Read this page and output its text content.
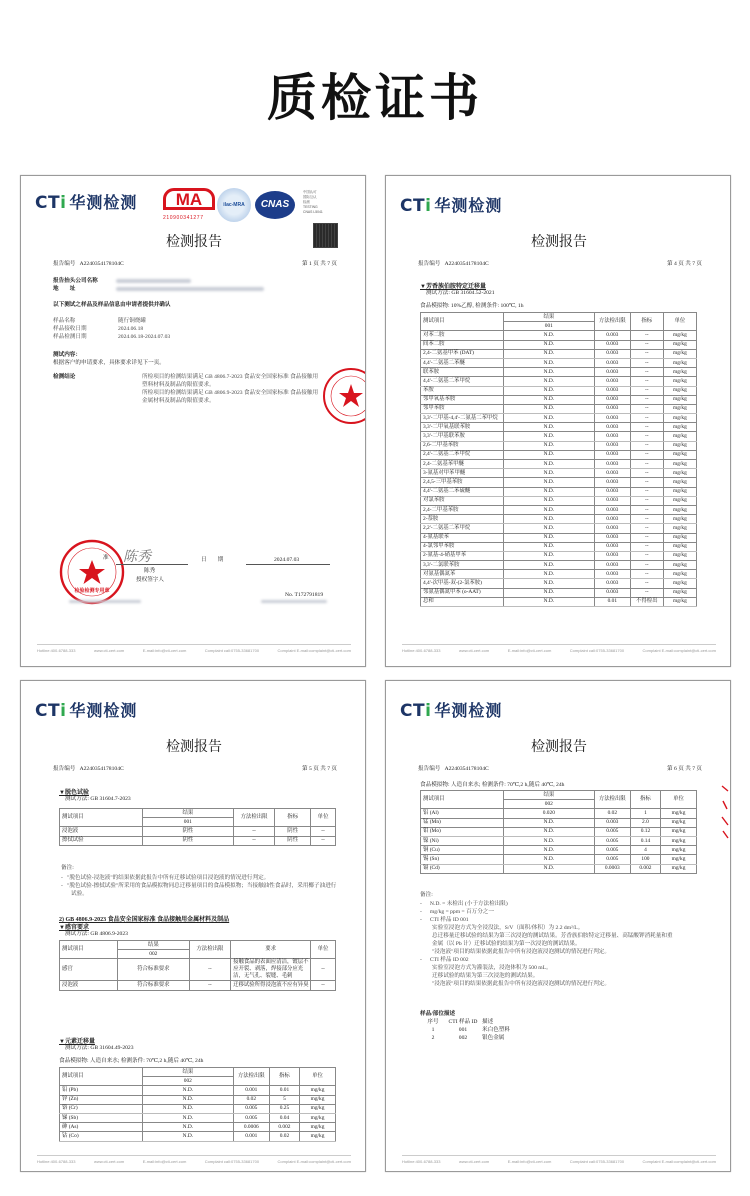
质检证书
CTi 华测检测	MA
210900341277
ilac-MRA	CNAS
中国认可
国际互认
检测
TESTING
CNAS L5041
检测报告
报告编号 A2240354178104C	第 1 页 共 7 页
报告抬头公司名称
地　　址
以下测试之样品及样品信息由申请者提供并确认
样品名称	随行铜烧罐
样品接收日期	2024.06.18
样品检测日期	2024.06.18-2024.07.03
测试内容：
根据客户的申请要求，具体要求详见下一页。
检测结论	所检项目的检测结果满足 GB 4806.7-2023 食品安全国家标准 食品接触用
塑料材料及制品的限值要求。
所检项目的检测结果满足 GB 4806.9-2023 食品安全国家标准 食品接触用
金属材料及制品的限值要求。
检验检测专用章
准 陈秀
陈秀
授权签字人
日　　期	2024.07.03
No. T172791819
Hotline:400-6788-333	www.cti-cert.com	E-mail:info@cti-cert.com	Complaint call:0755-33681700	Complaint E-mail:complaint@cti-cert.com
CTi 华测检测
检测报告
报告编号 A2240354178104C	第 4 页 共 7 页
▼芳香族伯胺特定迁移量
测试方法: GB 31604.52-2021
食品模拟物: 10%乙醇, 检测条件: 100℃, 1h
测试项目	结果	方法检出限	指标	单位
	001			
对苯二胺	N.D.	0.003	--	mg/kg
间苯二胺	N.D.	0.003	--	mg/kg
2,4-二氨基甲苯 (DAT)	N.D.	0.003	--	mg/kg
4,4'-二氨基二苯醚	N.D.	0.003	--	mg/kg
联苯胺	N.D.	0.003	--	mg/kg
4,4'-二氨基二苯甲烷	N.D.	0.003	--	mg/kg
苯胺	N.D.	0.003	--	mg/kg
邻甲氧基苯胺	N.D.	0.003	--	mg/kg
邻甲苯胺	N.D.	0.003	--	mg/kg
3,3'-二甲基-4,4'-二氨基二苯甲烷	N.D.	0.003	--	mg/kg
3,3'-二甲氧基联苯胺	N.D.	0.003	--	mg/kg
3,3'-二甲基联苯胺	N.D.	0.003	--	mg/kg
2,6-二甲基苯胺	N.D.	0.003	--	mg/kg
2,4'-二氨基二苯甲烷	N.D.	0.003	--	mg/kg
2,4-二氨基苯甲醚	N.D.	0.003	--	mg/kg
3-氨基对甲苯甲醚	N.D.	0.003	--	mg/kg
2,4,5-三甲基苯胺	N.D.	0.003	--	mg/kg
4,4'-二氨基二苯硫醚	N.D.	0.003	--	mg/kg
对氯苯胺	N.D.	0.003	--	mg/kg
2,4-二甲基苯胺	N.D.	0.003	--	mg/kg
2-萘胺	N.D.	0.003	--	mg/kg
2,2'-二氨基二苯甲烷	N.D.	0.003	--	mg/kg
4-氨基联苯	N.D.	0.003	--	mg/kg
4-氯邻甲苯胺	N.D.	0.003	--	mg/kg
2-氨基-4-硝基甲苯	N.D.	0.003	--	mg/kg
3,3'-二氯联苯胺	N.D.	0.003	--	mg/kg
对氨基偶氮苯	N.D.	0.003	--	mg/kg
4,4'-次甲基-双-(2-氯苯胺)	N.D.	0.003	--	mg/kg
邻氨基偶氮甲苯 (o-AAT)	N.D.	0.003	--	mg/kg
总和	N.D.	0.01	不得检出	mg/kg
Hotline:400-6788-333	www.cti-cert.com	E-mail:info@cti-cert.com	Complaint call:0755-33681700	Complaint E-mail:complaint@cti-cert.com
CTi 华测检测
检测报告
报告编号 A2240354178104C	第 5 页 共 7 页
▼脱色试验
测试方法: GB 31604.7-2023
测试项目	结果	方法检出限	指标	单位
	001			
浸泡液	阴性	--	阴性	--
擦拭试验	阴性	--	阴性	--
备注:
-   "脱色试验-浸泡液"的结果依据此报告中所有迁移试验项目浸泡液的情况进行判定。
-   "脱色试验-擦拭试验"所采用的食品模拟物同总迁移量项目的食品模拟物；当接触油性食品时，采用椰子油进行试验。
2) GB 4806.9-2023 食品安全国家标准 食品接触用金属材料及制品
▼感官要求
测试方法: GB 4806.9-2023
测试项目	结果	方法检出限	要求	单位
	002			
感官	符合标准要求	--	接触食品的表面应清洁，镀层不应开裂、剥落，焊接部分应光洁，无气孔、裂缝、毛刺	--
浸泡液	符合标准要求	--	迁移试验所得浸泡液不应有异臭	--
▼元素迁移量
测试方法: GB 31604.49-2023
食品模拟物: 人造自来水; 检测条件: 70℃,2 h,随后 40℃, 24h
测试项目	结果	方法检出限	指标	单位
	002			
铅 (Pb)	N.D.	0.001	0.01	mg/kg
锌 (Zn)	N.D.	0.02	5	mg/kg
铬 (Cr)	N.D.	0.005	0.25	mg/kg
锑 (Sb)	N.D.	0.005	0.04	mg/kg
砷 (As)	N.D.	0.0006	0.002	mg/kg
钴 (Co)	N.D.	0.001	0.02	mg/kg
Hotline:400-6788-333	www.cti-cert.com	E-mail:info@cti-cert.com	Complaint call:0755-33681700	Complaint E-mail:complaint@cti-cert.com
CTi 华测检测
检测报告
报告编号 A2240354178104C	第 6 页 共 7 页
食品模拟物: 人造自来水; 检测条件: 70℃,2 h,随后 40℃, 24h
测试项目	结果	方法检出限	指标	单位
	002			
铝 (Al)	0.020	0.02	1	mg/kg
锰 (Mn)	N.D.	0.003	2.0	mg/kg
钼 (Mo)	N.D.	0.005	0.12	mg/kg
镍 (Ni)	N.D.	0.005	0.14	mg/kg
铜 (Cu)	N.D.	0.005	4	mg/kg
锡 (Sn)	N.D.	0.005	100	mg/kg
镉 (Cd)	N.D.	0.0003	0.002	mg/kg
备注:
- N.D. = 未检出 (小于方法检出限)
- mg/kg = ppm = 百万分之一
- CTI 样品 ID 001
实验室浸泡方式为全浸没法，S/V（面积/体积）为 2.2 dm²/L。
总迁移量迁移试验的结果为第三次浸泡的测试结果。芳香族伯胺特定迁移量、高锰酸钾消耗量和重
金属（以 Pb 计）迁移试验的结果为第一次浸泡的测试结果。
"浸泡液"项目的结果依据此报告中所有浸泡液浸泡测试的情况进行判定。
- CTI 样品 ID 002
实验室浸泡方式为灌装法，浸泡体积为 500 mL。
迁移试验的结果为第三次浸泡的测试结果。
"浸泡液"项目的结果依据此报告中所有浸泡液浸泡测试的情况进行判定。
样品/部位描述
序号 CTI 样品 ID 描述
1	001	米白色塑料
2	002	银色金属
Hotline:400-6788-333	www.cti-cert.com	E-mail:info@cti-cert.com	Complaint call:0755-33681700	Complaint E-mail:complaint@cti-cert.com
